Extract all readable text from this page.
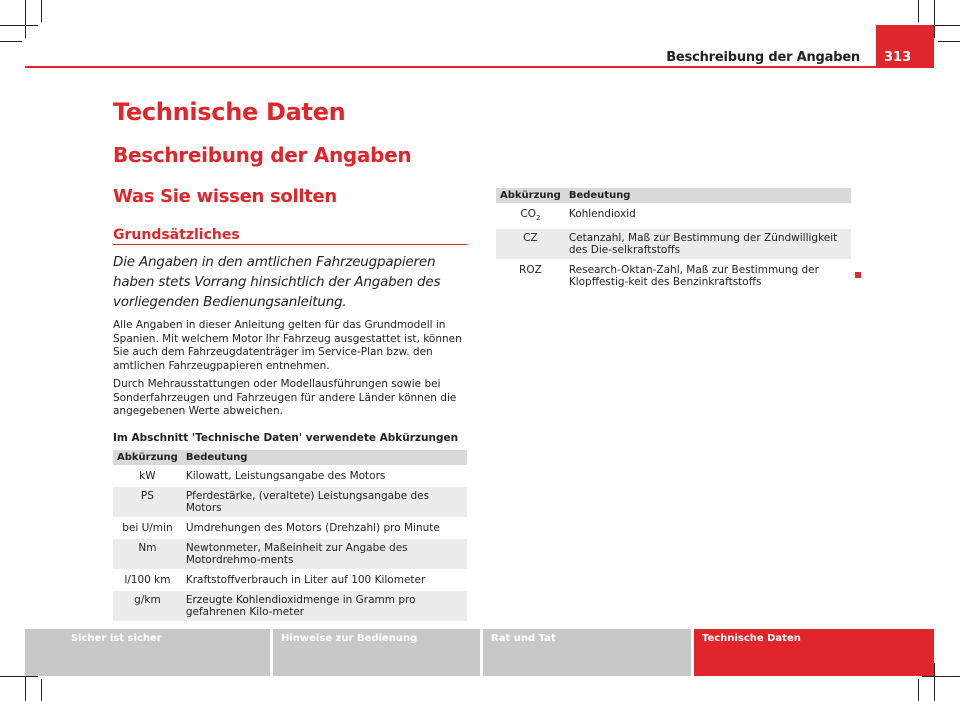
Beschreibung der Angaben 313
Technische Daten
Beschreibung der Angaben
Was Sie wissen sollten
Grundsätzliches

Die Angaben in den amtlichen Fahrzeugpapieren haben stets Vorrang hinsichtlich der Angaben des vorliegenden Bedienungsanleitung.

Alle Angaben in dieser Anleitung gelten für das Grundmodell in Spanien. Mit welchem Motor Ihr Fahrzeug ausgestattet ist, können Sie auch dem Fahrzeugdatenträger im Service-Plan bzw. den amtlichen Fahrzeugpapieren entnehmen.

Durch Mehrausstattungen oder Modellausführungen sowie bei Sonderfahrzeugen und Fahrzeugen für andere Länder können die angegebenen Werte abweichen.

Im Abschnitt 'Technische Daten' verwendete Abkürzungen

Abkürzung	Bedeutung
kW	Kilowatt, Leistungsangabe des Motors
PS	Pferdestärke, (veraltete) Leistungsangabe des Motors
bei U/min	Umdrehungen des Motors (Drehzahl) pro Minute
Nm	Newtonmeter, Maßeinheit zur Angabe des Motordrehmo-ments
l/100 km	Kraftstoffverbrauch in Liter auf 100 Kilometer
g/km	Erzeugte Kohlendioxidmenge in Gramm pro gefahrenen Kilo-meter
Abkürzung	Bedeutung
$CO_2$	Kohlendioxid
CZ	Cetanzahl, Maß zur Bestimmung der Zündwilligkeit des Die-selkraftstoffs
ROZ	Research-Oktan-Zahl, Maß zur Bestimmung der Klopffestig-keit des Benzinkraftstoffs
Sicher ist sicher	Hinweise zur Bedienung	Rat und Tat	Technische Daten
